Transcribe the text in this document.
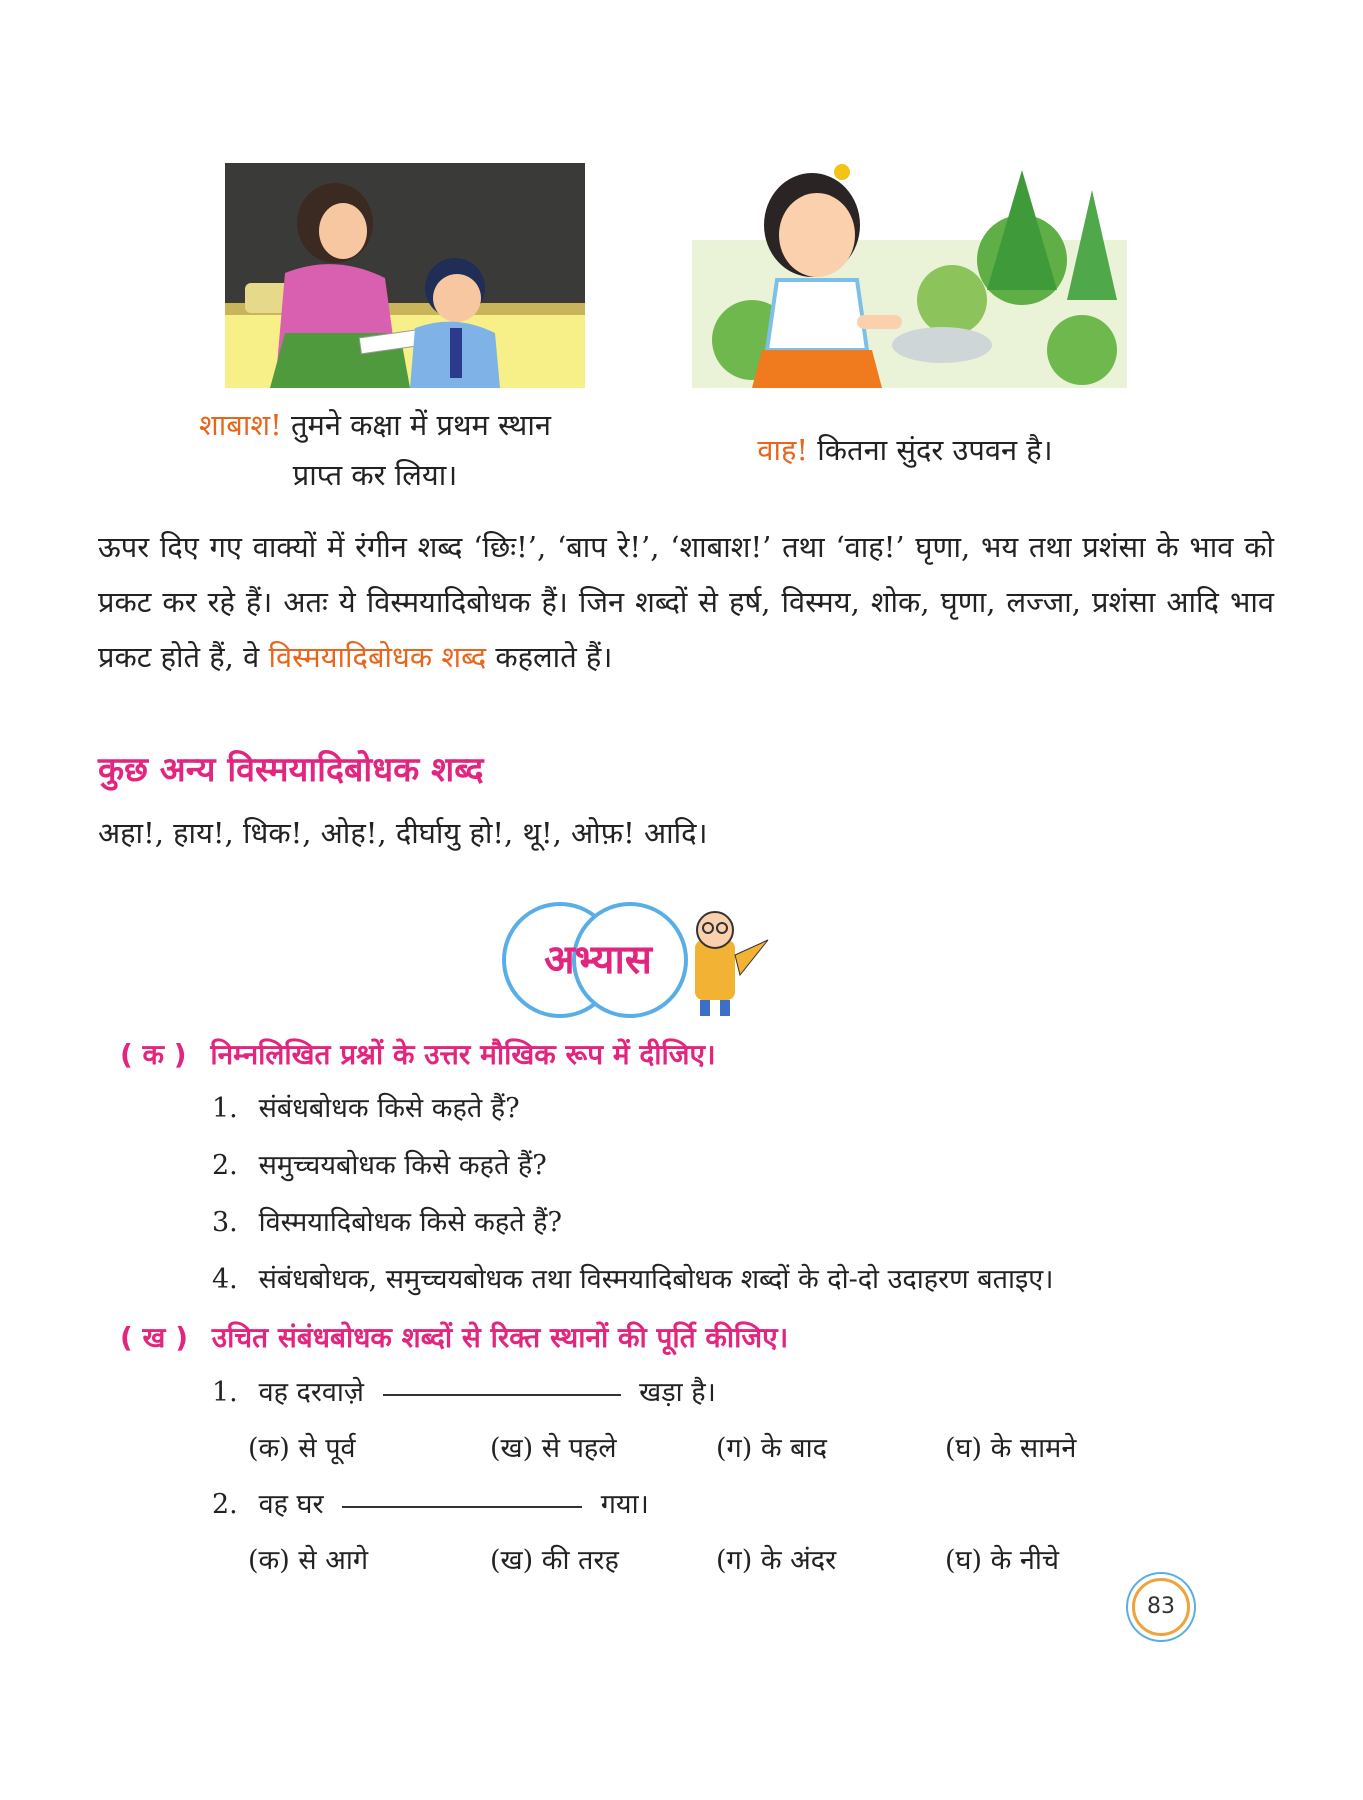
शाबाश! तुमने कक्षा में प्रथम स्थान
प्राप्त कर लिया।
वाह! कितना सुंदर उपवन है।
ऊपर दिए गए वाक्यों में रंगीन शब्द ‘छिः!’, ‘बाप रे!’, ‘शाबाश!’ तथा ‘वाह!’ घृणा, भय तथा प्रशंसा के भाव को प्रकट कर रहे हैं। अतः ये विस्मयादिबोधक हैं। जिन शब्दों से हर्ष, विस्मय, शोक, घृणा, लज्जा, प्रशंसा आदि भाव प्रकट होते हैं, वे विस्मयादिबोधक शब्द कहलाते हैं।
कुछ अन्य विस्मयादिबोधक शब्द
अहा!, हाय!, धिक!, ओह!, दीर्घायु हो!, थू!, ओफ़! आदि।
अभ्यास
( क ) निम्नलिखित प्रश्नों के उत्तर मौखिक रूप में दीजिए।
1. संबंधबोधक किसे कहते हैं?
2. समुच्चयबोधक किसे कहते हैं?
3. विस्मयादिबोधक किसे कहते हैं?
4. संबंधबोधक, समुच्चयबोधक तथा विस्मयादिबोधक शब्दों के दो-दो उदाहरण बताइए।
( ख ) उचित संबंधबोधक शब्दों से रिक्त स्थानों की पूर्ति कीजिए।
1. वह दरवाज़े	खड़ा है।
(क) से पूर्व	(ख) से पहले	(ग) के बाद	(घ) के सामने
2. वह घर	गया।
(क) से आगे	(ख) की तरह	(ग) के अंदर	(घ) के नीचे
83
